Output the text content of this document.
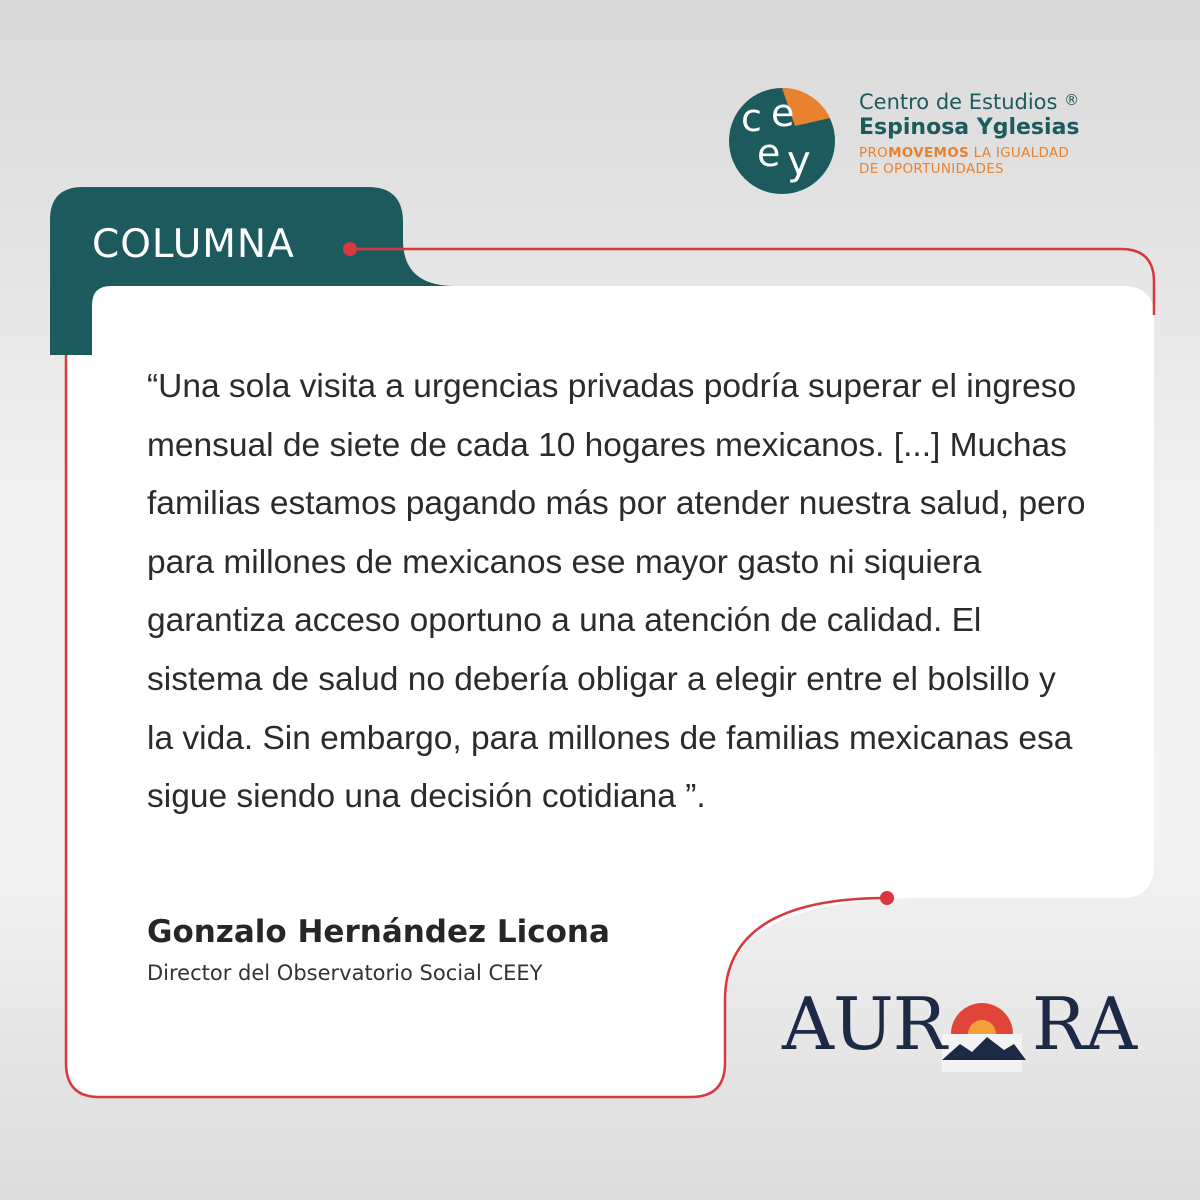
COLUMNA
c e
e y
Centro de Estudios ®
Espinosa Yglesias
PROMOVEMOS LA IGUALDAD
DE OPORTUNIDADES
“Una sola visita a urgencias privadas podría superar el ingreso mensual de siete de cada 10 hogares mexicanos. [...] Muchas familias estamos pagando más por atender nuestra salud, pero para millones de mexicanos ese mayor gasto ni siquiera garantiza acceso oportuno a una atención de calidad. El sistema de salud no debería obligar a elegir entre el bolsillo y la vida. Sin embargo, para millones de familias mexicanas esa sigue siendo una decisión cotidiana ”.
Gonzalo Hernández Licona
Director del Observatorio Social CEEY
AUR RA
